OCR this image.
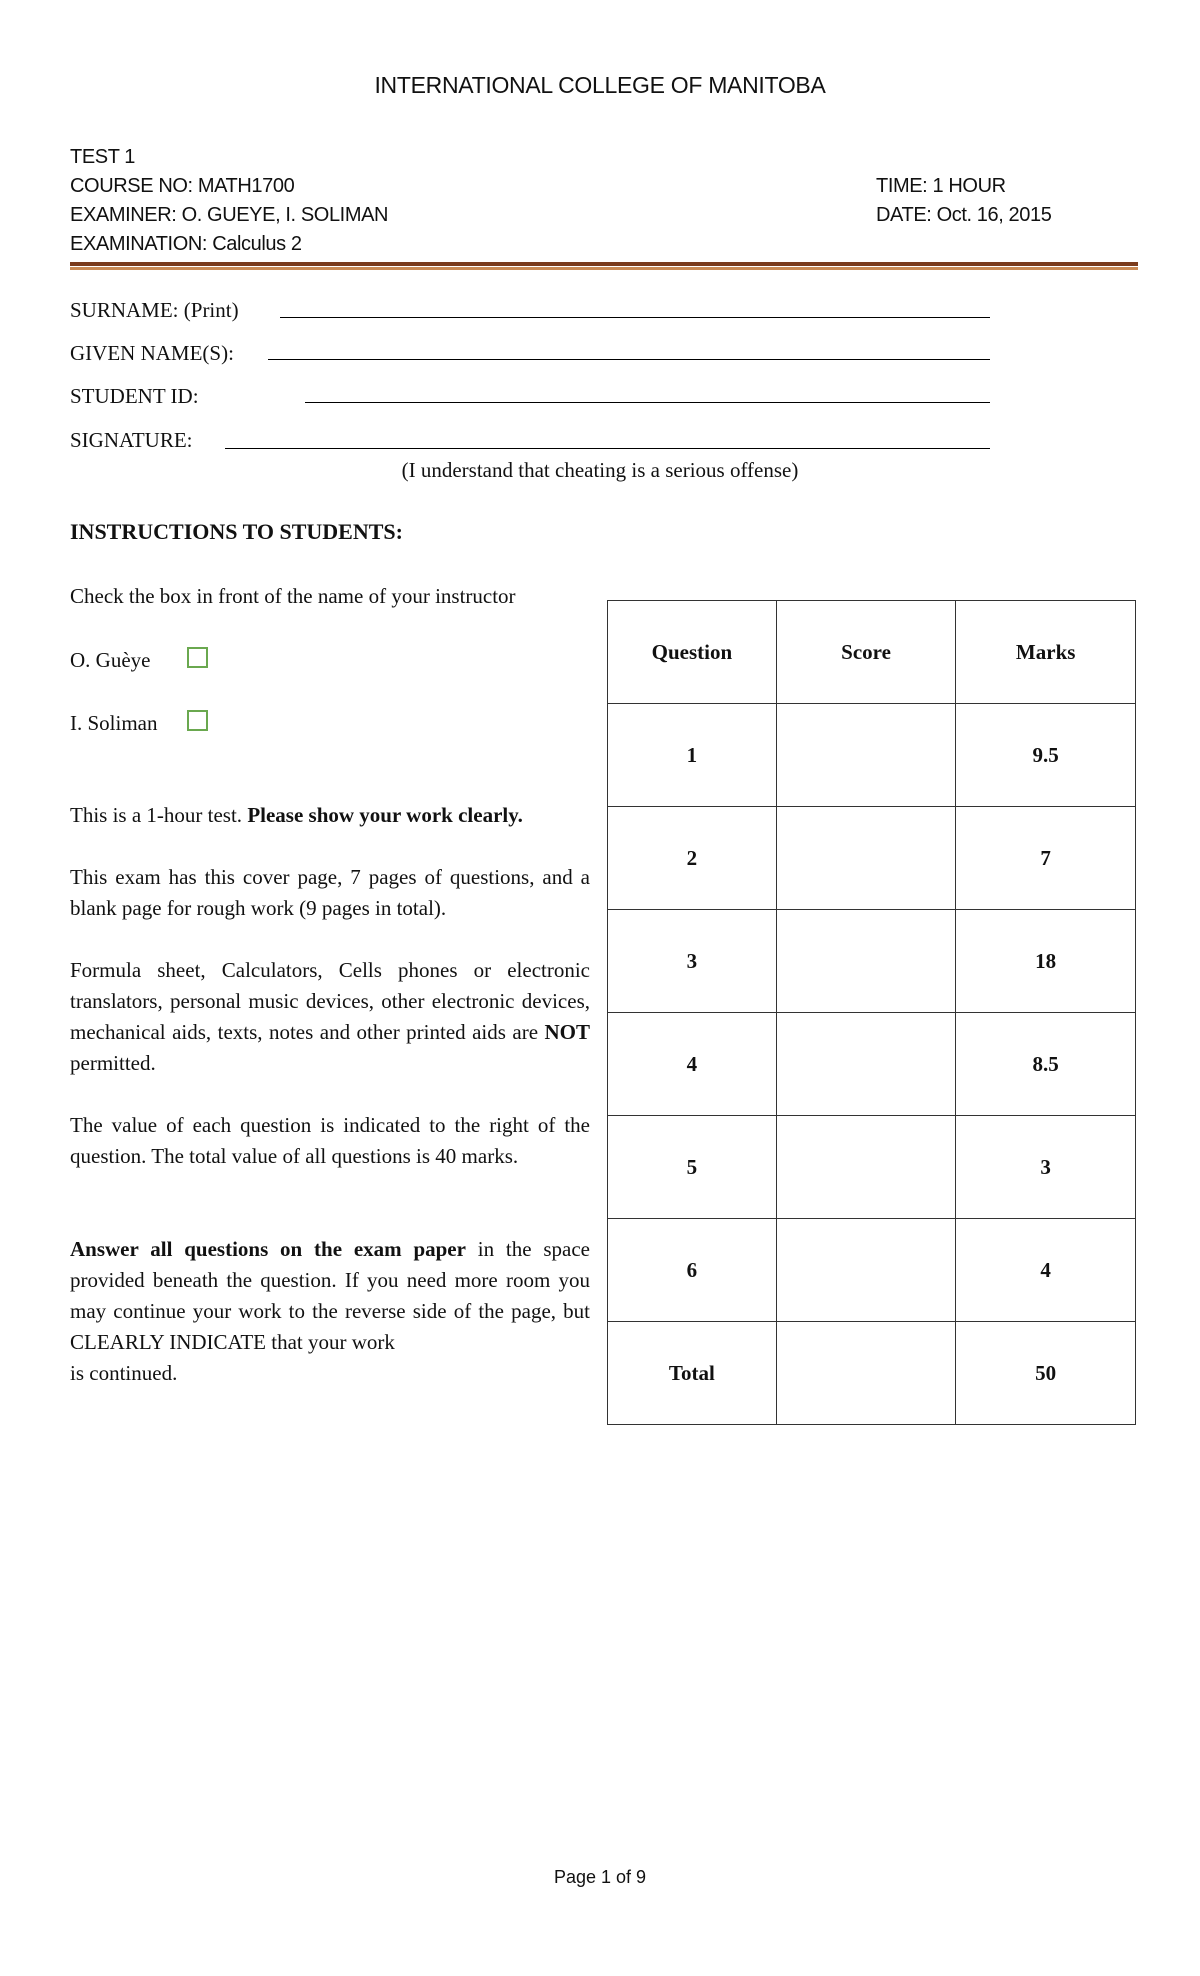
INTERNATIONAL COLLEGE OF MANITOBA
TEST 1
COURSE NO: MATH1700
EXAMINER: O. GUEYE, I. SOLIMAN
EXAMINATION: Calculus 2
TIME: 1 HOUR
DATE: Oct. 16, 2015
SURNAME: (Print)
GIVEN NAME(S):
STUDENT ID:
SIGNATURE:
(I understand that cheating is a serious offense)
INSTRUCTIONS TO STUDENTS:
Check the box in front of the name of your instructor
O. Guèye
I. Soliman
This is a 1-hour test. Please show your work clearly.
This exam has this cover page, 7 pages of questions, and a blank page for rough work (9 pages in total).
Formula sheet, Calculators, Cells phones or electronic translators, personal music devices, other electronic devices, mechanical aids, texts, notes and other printed aids are NOT permitted.
The value of each question is indicated to the right of the question. The total value of all questions is 40 marks.
Answer all questions on the exam paper in the space provided beneath the question. If you need more room you may continue your work to the reverse side of the page, but CLEARLY INDICATE that your work
is continued.
Question	Score	Marks
1		9.5
2		7
3		18
4		8.5
5		3
6		4
Total		50
Page 1 of 9
